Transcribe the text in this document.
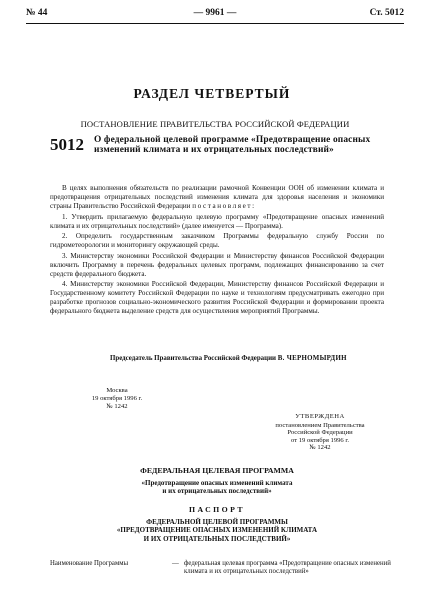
№ 44	— 9961 —	Ст. 5012
РАЗДЕЛ ЧЕТВЕРТЫЙ
ПОСТАНОВЛЕНИЕ ПРАВИТЕЛЬСТВА РОССИЙСКОЙ ФЕДЕРАЦИИ
5012 О федеральной целевой программе «Предотвращение опасных изменений климата и их отрицательных последствий»

В целях выполнения обязательств по реализации рамочной Конвенции ООН об изменении климата и предотвращения отрицательных последствий изменения климата для здоровья населения и экономики страны Правительство Российской Федерации постановляет:

1. Утвердить прилагаемую федеральную целевую программу «Предотвращение опасных изменений климата и их отрицательных последствий» (далее именуется — Программа).

2. Определить государственным заказчиком Программы федеральную службу России по гидрометеорологии и мониторингу окружающей среды.

3. Министерству экономики Российской Федерации и Министерству финансов Российской Федерации включить Программу в перечень федеральных целевых программ, подлежащих финансированию за счет средств федерального бюджета.

4. Министерству экономики Российской Федерации, Министерству финансов Российской Федерации и Государственному комитету Российской Федерации по науке и технологиям предусматривать ежегодно при разработке прогнозов социально-экономического развития Российской Федерации и формировании проекта федерального бюджета выделение средств для осуществления мероприятий Программы.

Председатель Правительства Российской Федерации В. ЧЕРНОМЫРДИН
Москва
19 октября 1996 г.
№ 1242
УТВЕРЖДЕНА
постановлением Правительства
Российской Федерации
от 19 октября 1996 г.
№ 1242
ФЕДЕРАЛЬНАЯ ЦЕЛЕВАЯ ПРОГРАММА
«Предотвращение опасных изменений климата
и их отрицательных последствий»
ПАСПОРТ
ФЕДЕРАЛЬНОЙ ЦЕЛЕВОЙ ПРОГРАММЫ
«ПРЕДОТВРАЩЕНИЕ ОПАСНЫХ ИЗМЕНЕНИЙ КЛИМАТА
И ИХ ОТРИЦАТЕЛЬНЫХ ПОСЛЕДСТВИЙ»
Наименование Программы	— федеральная целевая программа «Предотвращение опасных изменений климата и их отрицательных последствий»
